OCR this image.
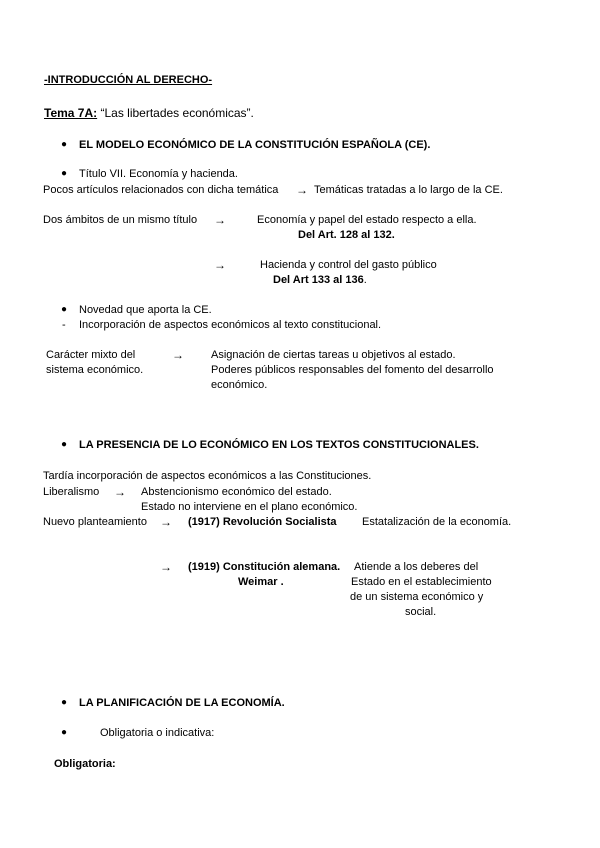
-INTRODUCCIÓN AL DERECHO-
Tema 7A: “Las libertades económicas”.
● EL MODELO ECONÓMICO DE LA CONSTITUCIÓN ESPAÑOLA (CE).
● Título VII. Economía y hacienda.
Pocos artículos relacionados con dicha temática → Temáticas tratadas a lo largo de la CE.
Dos ámbitos de un mismo título →	Economía y papel del estado respecto a ella.
Del Art. 128 al 132.
→	Hacienda y control del gasto público
Del Art 133 al 136.
● Novedad que aporta la CE.
- Incorporación de aspectos económicos al texto constitucional.
Carácter mixto del
sistema económico.
→ Asignación de ciertas tareas u objetivos al estado.
Poderes públicos responsables del fomento del desarrollo
económico.
● LA PRESENCIA DE LO ECONÓMICO EN LOS TEXTOS CONSTITUCIONALES.
Tardía incorporación de aspectos económicos a las Constituciones.
Liberalismo → Abstencionismo económico del estado.
Estado no interviene en el plano económico.
Nuevo planteamiento → (1917) Revolución Socialista Estatalización de la economía.
→ (1919) Constitución alemana.
Weimar .
Atiende a los deberes del
Estado en el establecimiento
de un sistema económico y
social.
● LA PLANIFICACIÓN DE LA ECONOMÍA.
●	Obligatoria o indicativa:
Obligatoria:
